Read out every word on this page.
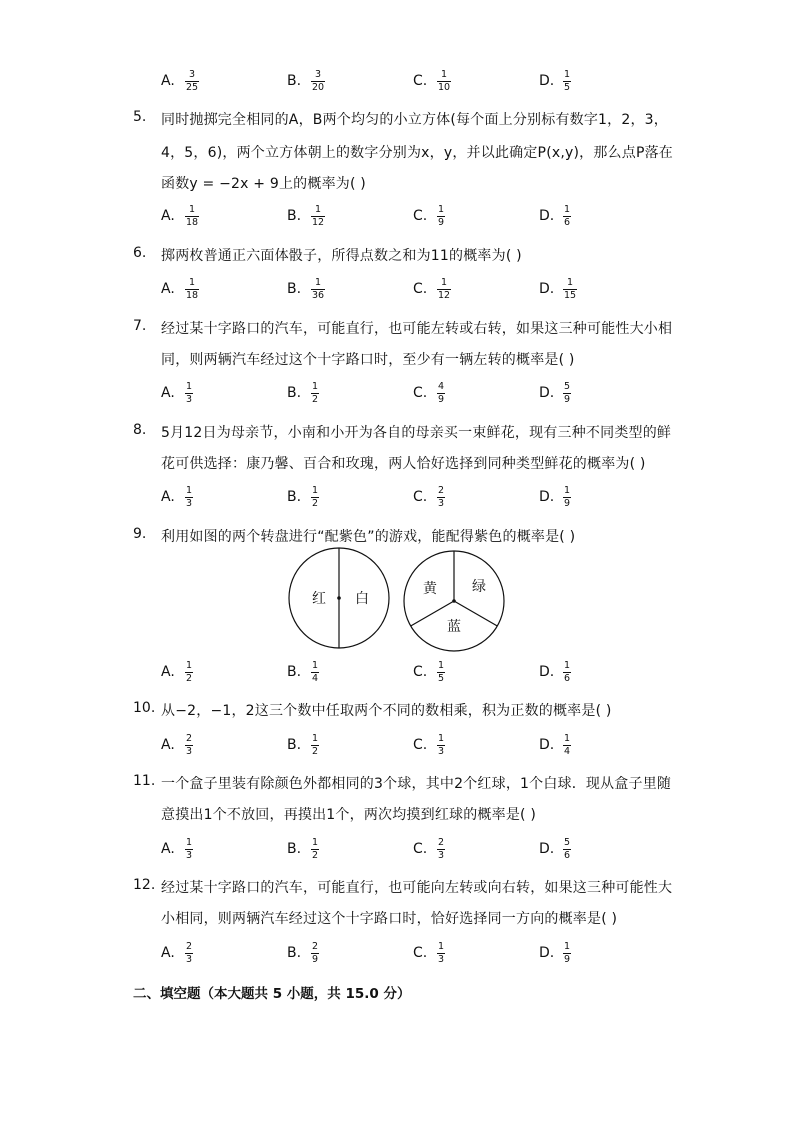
A.	$\frac{3}{25}$	B.	$\frac{3}{20}$	C.	$\frac{1}{10}$	D. $\frac{1}{5}$
5. 同时抛掷完全相同的A，B两个均匀的小立方体(每个面上分别标有数字1，2，3，
4，5，6)，两个立方体朝上的数字分别为x，y，并以此确定P(x,y)，那么点P落在
函数y = −2x + 9上的概率为( )
A.	$\frac{1}{18}$	B.	$\frac{1}{12}$	C.	$\frac{1}{9}$	D. $\frac{1}{6}$
6. 掷两枚普通正六面体骰子，所得点数之和为11的概率为( )
A.	$\frac{1}{18}$	B.	$\frac{1}{36}$	C.	$\frac{1}{12}$	D. $\frac{1}{15}$
7. 经过某十字路口的汽车，可能直行，也可能左转或右转，如果这三种可能性大小相
同，则两辆汽车经过这个十字路口时，至少有一辆左转的概率是( )
A.	$\frac{1}{3}$	B.	$\frac{1}{2}$	C.	$\frac{4}{9}$	D. $\frac{5}{9}$
8. 5月12日为母亲节，小南和小开为各自的母亲买一束鲜花，现有三种不同类型的鲜
花可供选择：康乃馨、百合和玫瑰，两人恰好选择到同种类型鲜花的概率为( )
A.	$\frac{1}{3}$	B.	$\frac{1}{2}$	C.	$\frac{2}{3}$	D. $\frac{1}{9}$
9. 利用如图的两个转盘进行“配紫色”的游戏，能配得紫色的概率是( )
红 白
黄	绿
蓝
A.	$\frac{1}{2}$	B.	$\frac{1}{4}$	C.	$\frac{1}{5}$	D. $\frac{1}{6}$
10. 从−2，−1，2这三个数中任取两个不同的数相乘，积为正数的概率是( )
A.	$\frac{2}{3}$	B.	$\frac{1}{2}$	C.	$\frac{1}{3}$	D. $\frac{1}{4}$
11. 一个盒子里装有除颜色外都相同的3个球，其中2个红球，1个白球．现从盒子里随
意摸出1个不放回，再摸出1个，两次均摸到红球的概率是( )
A.	$\frac{1}{3}$	B.	$\frac{1}{2}$	C.	$\frac{2}{3}$	D. $\frac{5}{6}$
12. 经过某十字路口的汽车，可能直行，也可能向左转或向右转，如果这三种可能性大
小相同，则两辆汽车经过这个十字路口时，恰好选择同一方向的概率是( )
A.	$\frac{2}{3}$	B.	$\frac{2}{9}$	C.	$\frac{1}{3}$	D. $\frac{1}{9}$
二、填空题（本大题共 5 小题，共 15.0 分）
